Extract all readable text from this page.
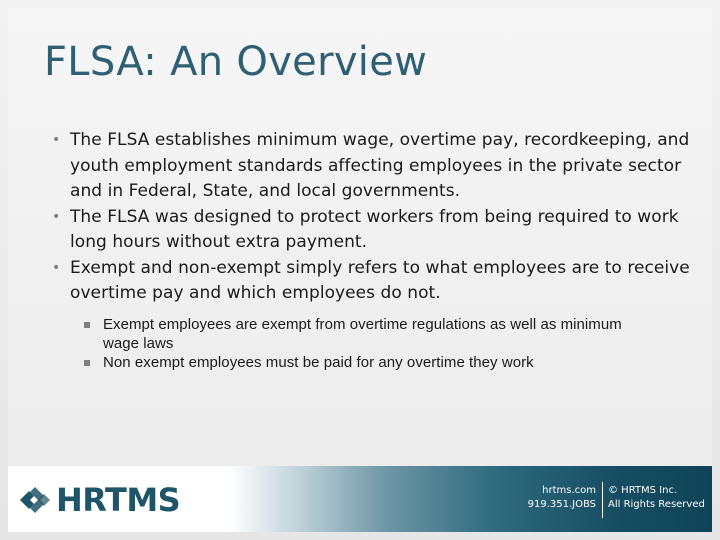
FLSA: An Overview
• The FLSA establishes minimum wage, overtime pay, recordkeeping, and youth employment standards affecting employees in the private sector and in Federal, State, and local governments.
• The FLSA was designed to protect workers from being required to work long hours without extra payment.
• Exempt and non-exempt simply refers to what employees are to receive overtime pay and which employees do not.
Exempt employees are exempt from overtime regulations as well as minimum wage laws
Non exempt employees must be paid for any overtime they work
HRTMS	hrtms.com
919.351.JOBS
© HRTMS Inc.
All Rights Reserved
